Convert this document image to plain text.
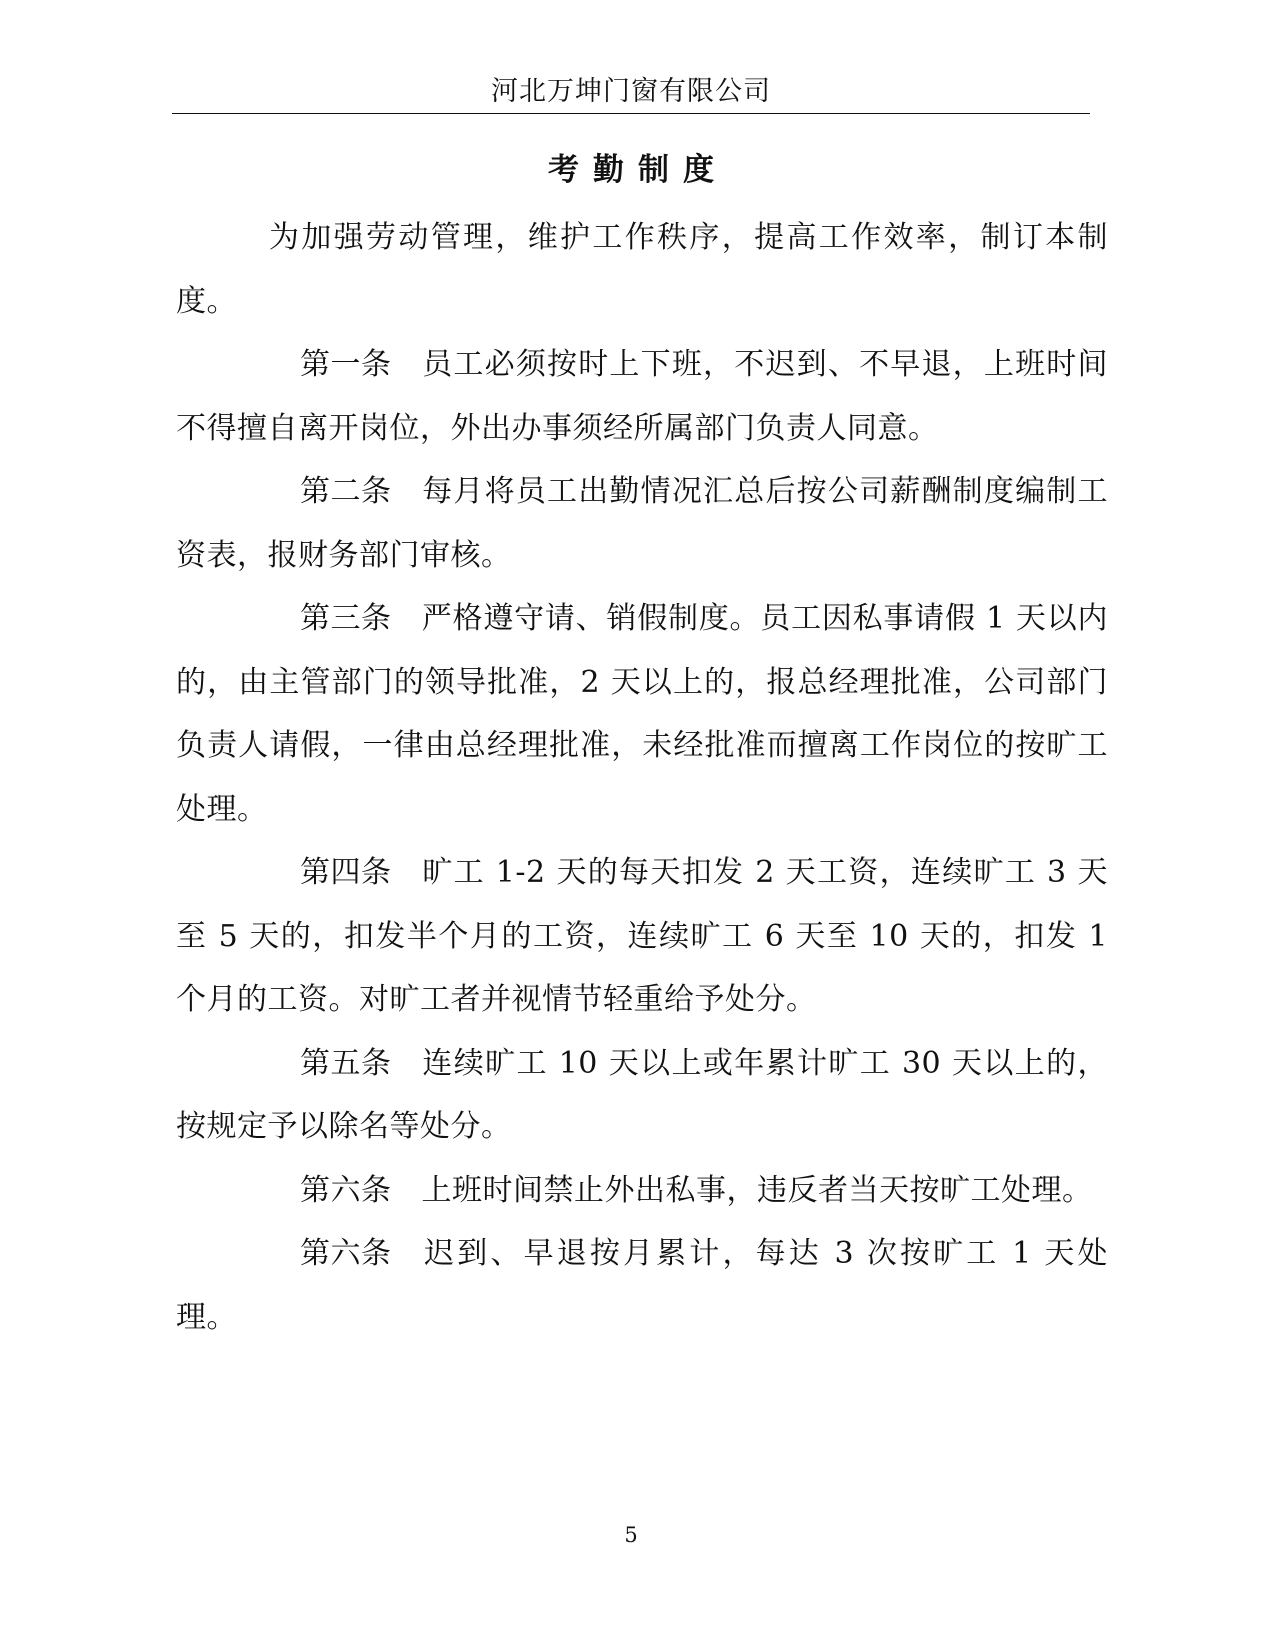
河北万坤门窗有限公司
考勤制度

为加强劳动管理，维护工作秩序，提高工作效率，制订本制度。

第一条 员工必须按时上下班，不迟到、不早退，上班时间不得擅自离开岗位，外出办事须经所属部门负责人同意。

第二条 每月将员工出勤情况汇总后按公司薪酬制度编制工资表，报财务部门审核。

第三条 严格遵守请、销假制度。员工因私事请假 1 天以内的，由主管部门的领导批准，2 天以上的，报总经理批准，公司部门负责人请假，一律由总经理批准，未经批准而擅离工作岗位的按旷工处理。

第四条 旷工 1-2 天的每天扣发 2 天工资，连续旷工 3 天至 5 天的，扣发半个月的工资，连续旷工 6 天至 10 天的，扣发 1 个月的工资。对旷工者并视情节轻重给予处分。

第五条 连续旷工 10 天以上或年累计旷工 30 天以上的，按规定予以除名等处分。

第六条 上班时间禁止外出私事，违反者当天按旷工处理。

第六条 迟到、早退按月累计，每达 3 次按旷工 1 天处理。

5
